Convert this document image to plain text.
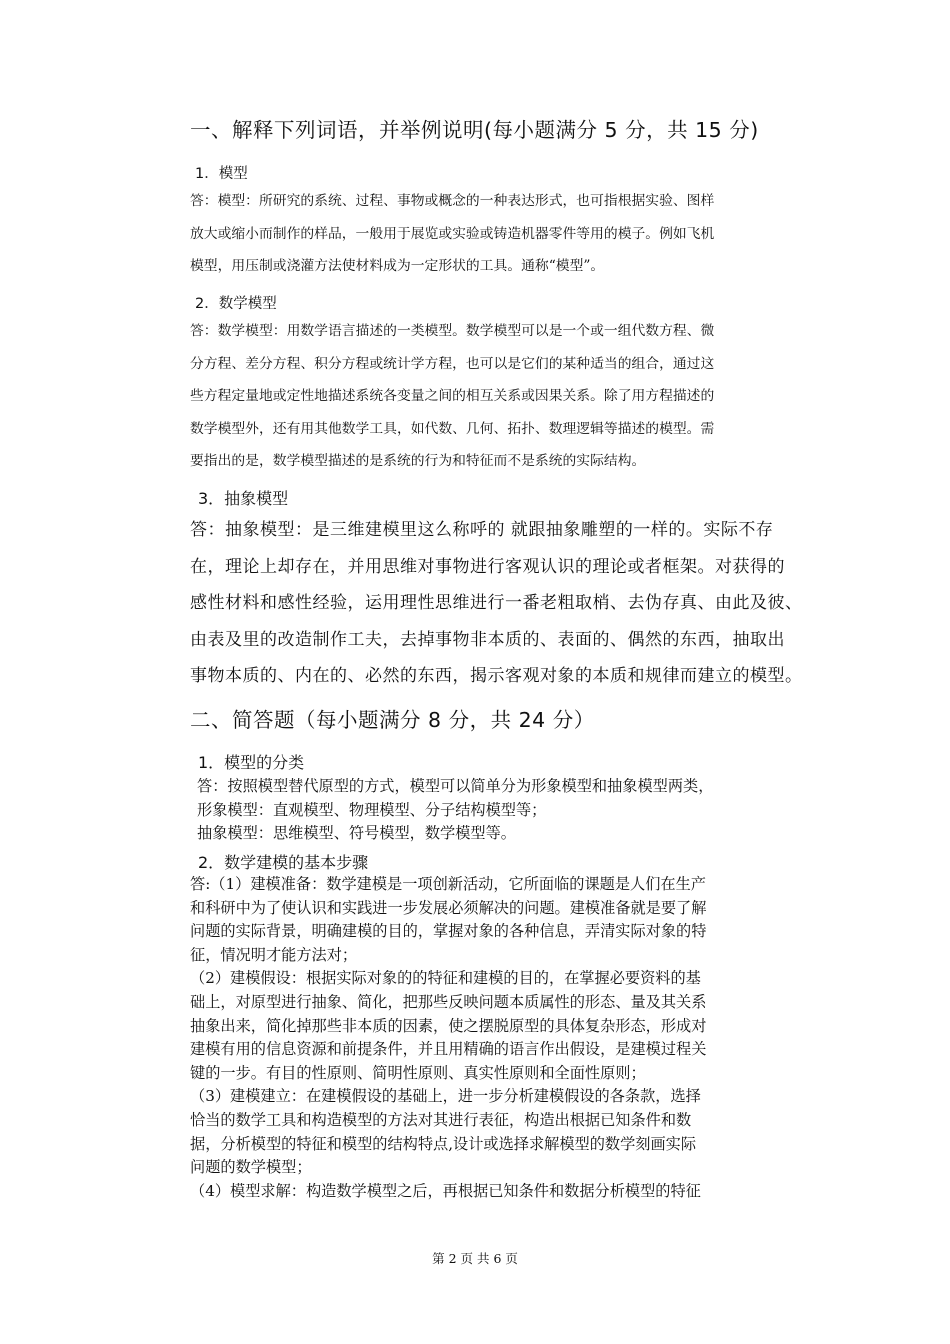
一、解释下列词语，并举例说明(每小题满分 5 分，共 15 分)
1．模型
答：模型：所研究的系统、过程、事物或概念的一种表达形式，也可指根据实验、图样
放大或缩小而制作的样品，一般用于展览或实验或铸造机器零件等用的模子。例如飞机
模型，用压制或浇灌方法使材料成为一定形状的工具。通称“模型”。
2．数学模型
答：数学模型：用数学语言描述的一类模型。数学模型可以是一个或一组代数方程、微
分方程、差分方程、积分方程或统计学方程，也可以是它们的某种适当的组合，通过这
些方程定量地或定性地描述系统各变量之间的相互关系或因果关系。除了用方程描述的
数学模型外，还有用其他数学工具，如代数、几何、拓扑、数理逻辑等描述的模型。需
要指出的是，数学模型描述的是系统的行为和特征而不是系统的实际结构。
3．抽象模型
答：抽象模型：是三维建模里这么称呼的 就跟抽象雕塑的一样的。实际不存
在，理论上却存在，并用思维对事物进行客观认识的理论或者框架。对获得的
感性材料和感性经验，运用理性思维进行一番老粗取梢、去伪存真、由此及彼、
由表及里的改造制作工夫，去掉事物非本质的、表面的、偶然的东西，抽取出
事物本质的、内在的、必然的东西，揭示客观对象的本质和规律而建立的模型。
二、简答题（每小题满分 8 分，共 24 分）
1．模型的分类
答：按照模型替代原型的方式，模型可以简单分为形象模型和抽象模型两类，
形象模型：直观模型、物理模型、分子结构模型等；
抽象模型：思维模型、符号模型，数学模型等。
2．数学建模的基本步骤
答:（1）建模准备：数学建模是一项创新活动，它所面临的课题是人们在生产
和科研中为了使认识和实践进一步发展必须解决的问题。建模准备就是要了解
问题的实际背景，明确建模的目的，掌握对象的各种信息，弄清实际对象的特
征，情况明才能方法对；
（2）建模假设：根据实际对象的的特征和建模的目的，在掌握必要资料的基
础上，对原型进行抽象、简化，把那些反映问题本质属性的形态、量及其关系
抽象出来，简化掉那些非本质的因素，使之摆脱原型的具体复杂形态，形成对
建模有用的信息资源和前提条件，并且用精确的语言作出假设，是建模过程关
键的一步。有目的性原则、简明性原则、真实性原则和全面性原则；
（3）建模建立：在建模假设的基础上，进一步分析建模假设的各条款，选择
恰当的数学工具和构造模型的方法对其进行表征，构造出根据已知条件和数
据，分析模型的特征和模型的结构特点,设计或选择求解模型的数学刻画实际
问题的数学模型；
（4）模型求解：构造数学模型之后，再根据已知条件和数据分析模型的特征
第 2 页 共 6 页
